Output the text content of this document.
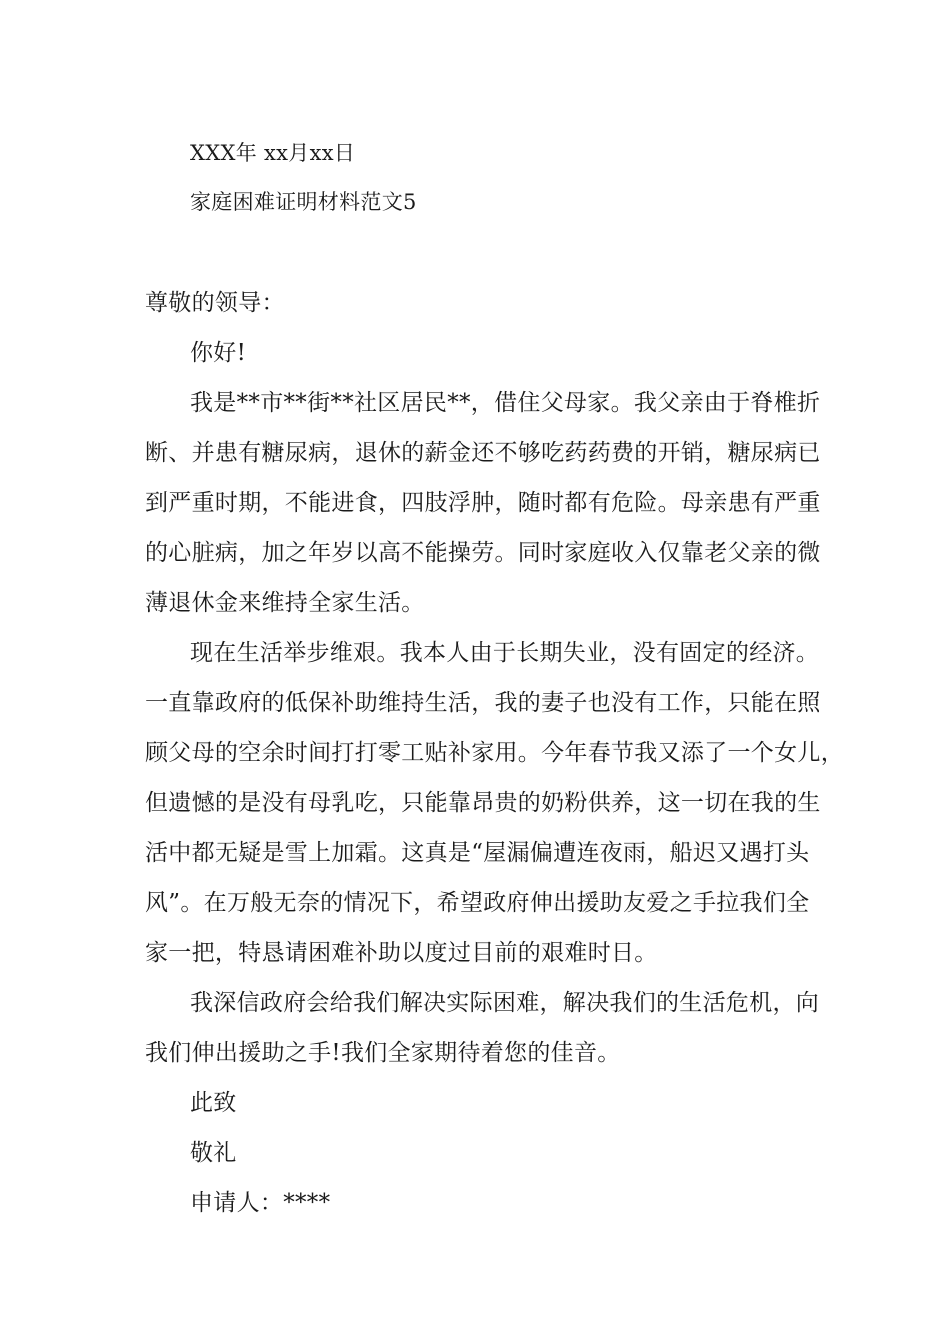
XXX年 xx月xx日
家庭困难证明材料范文5
尊敬的领导：
你好!
我是**市**街**社区居民**，借住父母家。我父亲由于脊椎折
断、并患有糖尿病，退休的薪金还不够吃药药费的开销，糖尿病已
到严重时期，不能进食，四肢浮肿，随时都有危险。母亲患有严重
的心脏病，加之年岁以高不能操劳。同时家庭收入仅靠老父亲的微
薄退休金来维持全家生活。
现在生活举步维艰。我本人由于长期失业，没有固定的经济。
一直靠政府的低保补助维持生活，我的妻子也没有工作，只能在照
顾父母的空余时间打打零工贴补家用。今年春节我又添了一个女儿，
但遗憾的是没有母乳吃，只能靠昂贵的奶粉供养，这一切在我的生
活中都无疑是雪上加霜。这真是“屋漏偏遭连夜雨，船迟又遇打头
风”。在万般无奈的情况下，希望政府伸出援助友爱之手拉我们全
家一把，特恳请困难补助以度过目前的艰难时日。
我深信政府会给我们解决实际困难，解决我们的生活危机，向
我们伸出援助之手!我们全家期待着您的佳音。
此致
敬礼
申请人：****
